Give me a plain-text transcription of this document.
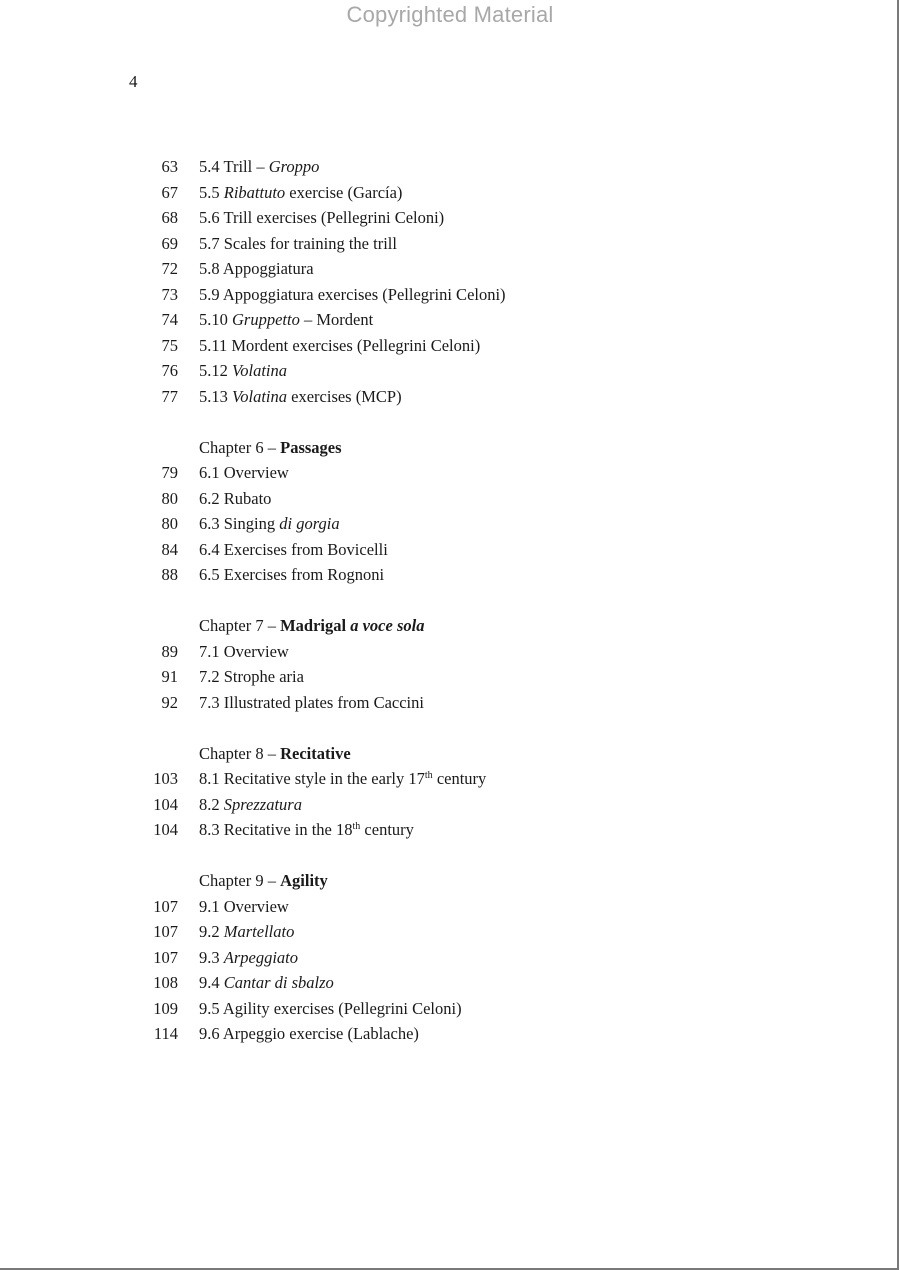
Copyrighted Material
4
63 5.4 Trill – Groppo
67 5.5 Ribattuto exercise (García)
68 5.6 Trill exercises (Pellegrini Celoni)
69 5.7 Scales for training the trill
72 5.8 Appoggiatura
73 5.9 Appoggiatura exercises (Pellegrini Celoni)
74 5.10 Gruppetto – Mordent
75 5.11 Mordent exercises (Pellegrini Celoni)
76 5.12 Volatina
77 5.13 Volatina exercises (MCP)
Chapter 6 – Passages
79 6.1 Overview
80 6.2 Rubato
80 6.3 Singing di gorgia
84 6.4 Exercises from Bovicelli
88 6.5 Exercises from Rognoni
Chapter 7 – Madrigal a voce sola
89 7.1 Overview
91 7.2 Strophe aria
92 7.3 Illustrated plates from Caccini
Chapter 8 – Recitative
103 8.1 Recitative style in the early 17th century
104 8.2 Sprezzatura
104 8.3 Recitative in the 18th century
Chapter 9 – Agility
107 9.1 Overview
107 9.2 Martellato
107 9.3 Arpeggiato
108 9.4 Cantar di sbalzo
109 9.5 Agility exercises (Pellegrini Celoni)
114 9.6 Arpeggio exercise (Lablache)
